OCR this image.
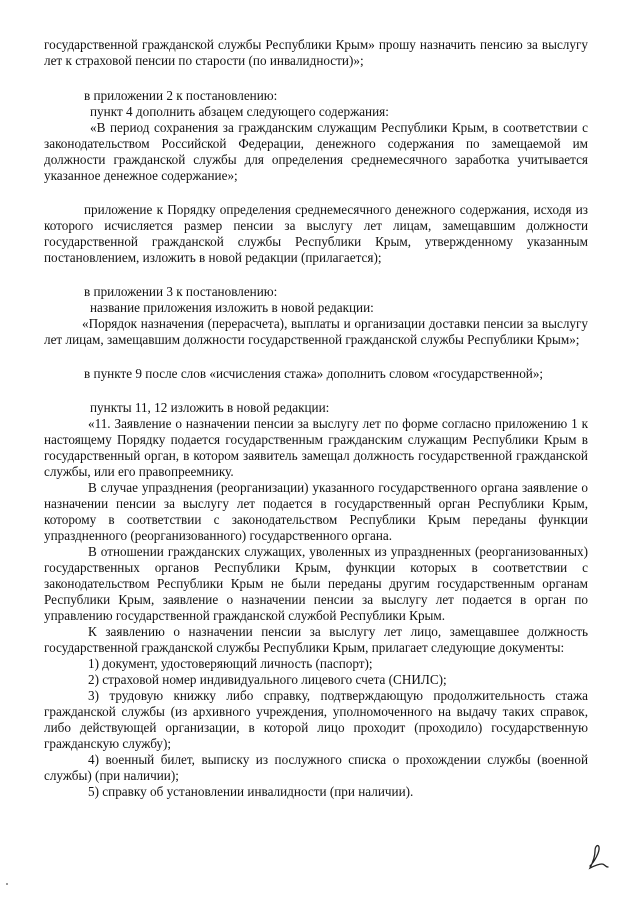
государственной гражданской службы Республики Крым» прошу назначить пенсию за выслугу лет к страховой пенсии по старости (по инвалидности)»;

в приложении 2 к постановлению:

пункт 4 дополнить абзацем следующего содержания:

«В период сохранения за гражданским служащим Республики Крым, в соответствии с законодательством Российской Федерации, денежного содержания по замещаемой им должности гражданской службы для определения среднемесячного заработка учитывается указанное денежное содержание»;

приложение к Порядку определения среднемесячного денежного содержания, исходя из которого исчисляется размер пенсии за выслугу лет лицам, замещавшим должности государственной гражданской службы Республики Крым, утвержденному указанным постановлением, изложить в новой редакции (прилагается);

в приложении 3 к постановлению:

название приложения изложить в новой редакции:

«Порядок назначения (перерасчета), выплаты и организации доставки пенсии за выслугу лет лицам, замещавшим должности государственной гражданской службы Республики Крым»;

в пункте 9 после слов «исчисления стажа» дополнить словом «государственной»;

пункты 11, 12 изложить в новой редакции:

«11. Заявление о назначении пенсии за выслугу лет по форме согласно приложению 1 к настоящему Порядку подается государственным гражданским служащим Республики Крым в государственный орган, в котором заявитель замещал должность государственной гражданской службы, или его правопреемнику.

В случае упразднения (реорганизации) указанного государственного органа заявление о назначении пенсии за выслугу лет подается в государственный орган Республики Крым, которому в соответствии с законодательством Республики Крым переданы функции упраздненного (реорганизованного) государственного органа.

В отношении гражданских служащих, уволенных из упраздненных (реорганизованных) государственных органов Республики Крым, функции которых в соответствии с законодательством Республики Крым не были переданы другим государственным органам Республики Крым, заявление о назначении пенсии за выслугу лет подается в орган по управлению государственной гражданской службой Республики Крым.

К заявлению о назначении пенсии за выслугу лет лицо, замещавшее должность государственной гражданской службы Республики Крым, прилагает следующие документы:

1) документ, удостоверяющий личность (паспорт);

2) страховой номер индивидуального лицевого счета (СНИЛС);

3) трудовую книжку либо справку, подтверждающую продолжительность стажа гражданской службы (из архивного учреждения, уполномоченного на выдачу таких справок, либо действующей организации, в которой лицо проходит (проходило) государственную гражданскую службу);

4) военный билет, выписку из послужного списка о прохождении службы (военной службы) (при наличии);

5) справку об установлении инвалидности (при наличии).
